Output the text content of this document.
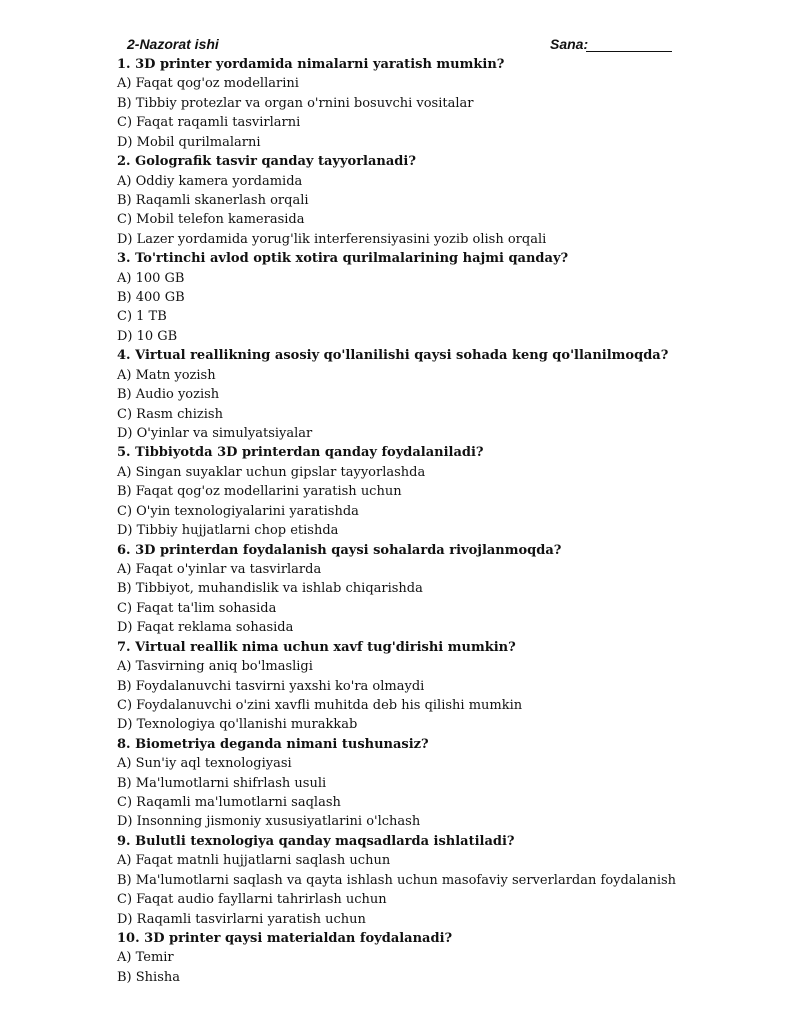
2-Nazorat ishi	Sana:
1. 3D printer yordamida nimalarni yaratish mumkin?
A) Faqat qog'oz modellarini
B) Tibbiy protezlar va organ o'rnini bosuvchi vositalar
C) Faqat raqamli tasvirlarni
D) Mobil qurilmalarni
2. Golografik tasvir qanday tayyorlanadi?
A) Oddiy kamera yordamida
B) Raqamli skanerlash orqali
C) Mobil telefon kamerasida
D) Lazer yordamida yorug'lik interferensiyasini yozib olish orqali
3. To'rtinchi avlod optik xotira qurilmalarining hajmi qanday?
A) 100 GB
B) 400 GB
C) 1 TB
D) 10 GB
4. Virtual reallikning asosiy qo'llanilishi qaysi sohada keng qo'llanilmoqda?
A) Matn yozish
B) Audio yozish
C) Rasm chizish
D) O'yinlar va simulyatsiyalar
5. Tibbiyotda 3D printerdan qanday foydalaniladi?
A) Singan suyaklar uchun gipslar tayyorlashda
B) Faqat qog'oz modellarini yaratish uchun
C) O'yin texnologiyalarini yaratishda
D) Tibbiy hujjatlarni chop etishda
6. 3D printerdan foydalanish qaysi sohalarda rivojlanmoqda?
A) Faqat o'yinlar va tasvirlarda
B) Tibbiyot, muhandislik va ishlab chiqarishda
C) Faqat ta'lim sohasida
D) Faqat reklama sohasida
7. Virtual reallik nima uchun xavf tug'dirishi mumkin?
A) Tasvirning aniq bo'lmasligi
B) Foydalanuvchi tasvirni yaxshi ko'ra olmaydi
C) Foydalanuvchi o'zini xavfli muhitda deb his qilishi mumkin
D) Texnologiya qo'llanishi murakkab
8. Biometriya deganda nimani tushunasiz?
A) Sun'iy aql texnologiyasi
B) Ma'lumotlarni shifrlash usuli
C) Raqamli ma'lumotlarni saqlash
D) Insonning jismoniy xususiyatlarini o'lchash
9. Bulutli texnologiya qanday maqsadlarda ishlatiladi?
A) Faqat matnli hujjatlarni saqlash uchun
B) Ma'lumotlarni saqlash va qayta ishlash uchun masofaviy serverlardan foydalanish
C) Faqat audio fayllarni tahrirlash uchun
D) Raqamli tasvirlarni yaratish uchun
10. 3D printer qaysi materialdan foydalanadi?
A) Temir
B) Shisha
